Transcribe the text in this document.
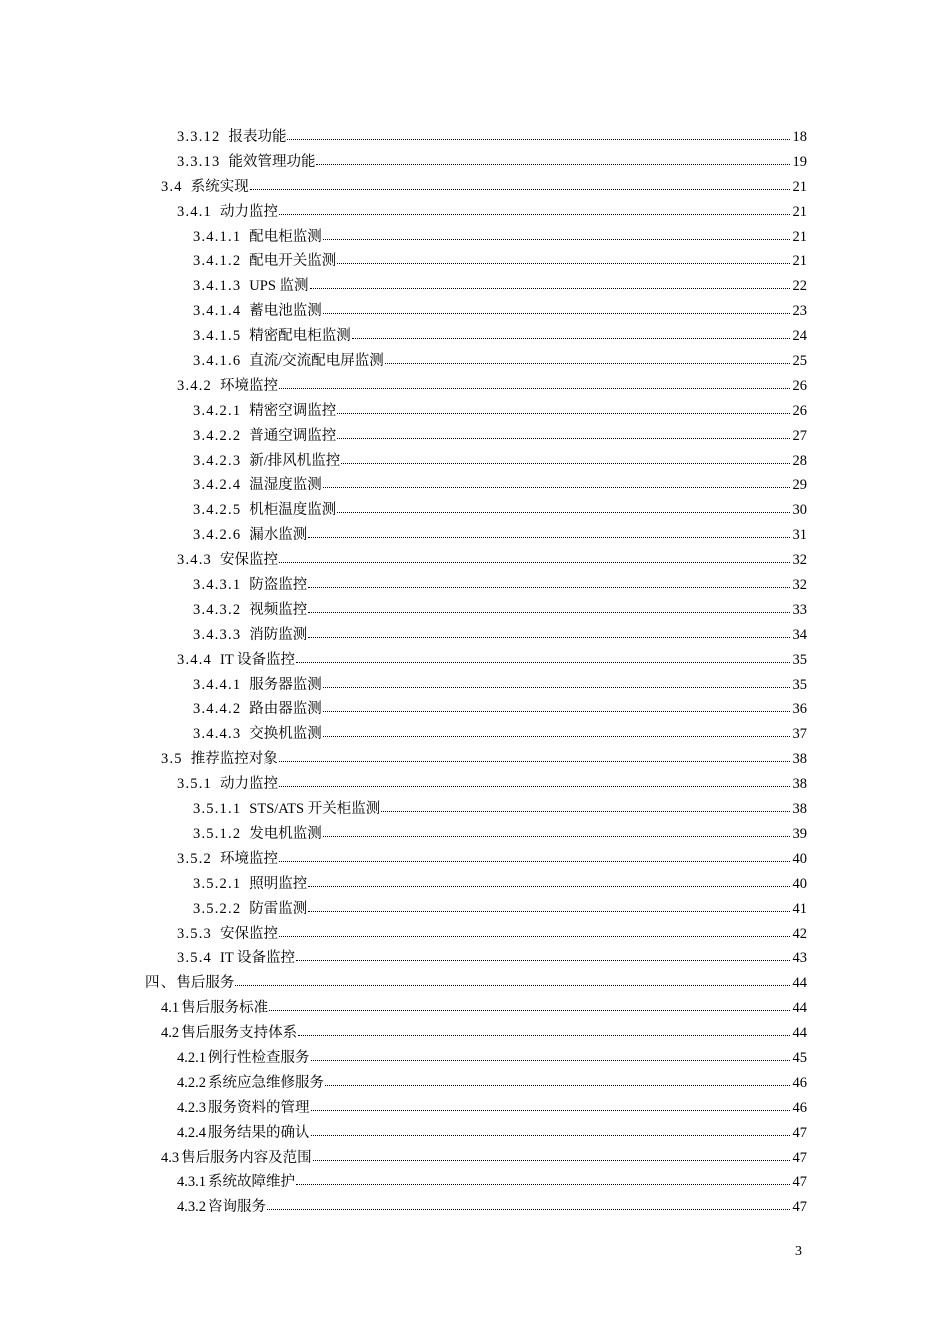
3.3.12 报表功能	18
3.3.13 能效管理功能	19
3.4 系统实现	21
3.4.1 动力监控	21
3.4.1.1 配电柜监测	21
3.4.1.2 配电开关监测	21
3.4.1.3 UPS 监测	22
3.4.1.4 蓄电池监测	23
3.4.1.5 精密配电柜监测	24
3.4.1.6 直流/交流配电屏监测	25
3.4.2 环境监控	26
3.4.2.1 精密空调监控	26
3.4.2.2 普通空调监控	27
3.4.2.3 新/排风机监控	28
3.4.2.4 温湿度监测	29
3.4.2.5 机柜温度监测	30
3.4.2.6 漏水监测	31
3.4.3 安保监控	32
3.4.3.1 防盗监控	32
3.4.3.2 视频监控	33
3.4.3.3 消防监测	34
3.4.4 IT 设备监控	35
3.4.4.1 服务器监测	35
3.4.4.2 路由器监测	36
3.4.4.3 交换机监测	37
3.5 推荐监控对象	38
3.5.1 动力监控	38
3.5.1.1 STS/ATS 开关柜监测	38
3.5.1.2 发电机监测	39
3.5.2 环境监控	40
3.5.2.1 照明监控	40
3.5.2.2 防雷监测	41
3.5.3 安保监控	42
3.5.4 IT 设备监控	43
四、 售后服务	44
4.1 售后服务标准	44
4.2 售后服务支持体系	44
4.2.1 例行性检查服务	45
4.2.2 系统应急维修服务	46
4.2.3 服务资料的管理	46
4.2.4 服务结果的确认	47
4.3 售后服务内容及范围	47
4.3.1 系统故障维护	47
4.3.2 咨询服务	47
3
